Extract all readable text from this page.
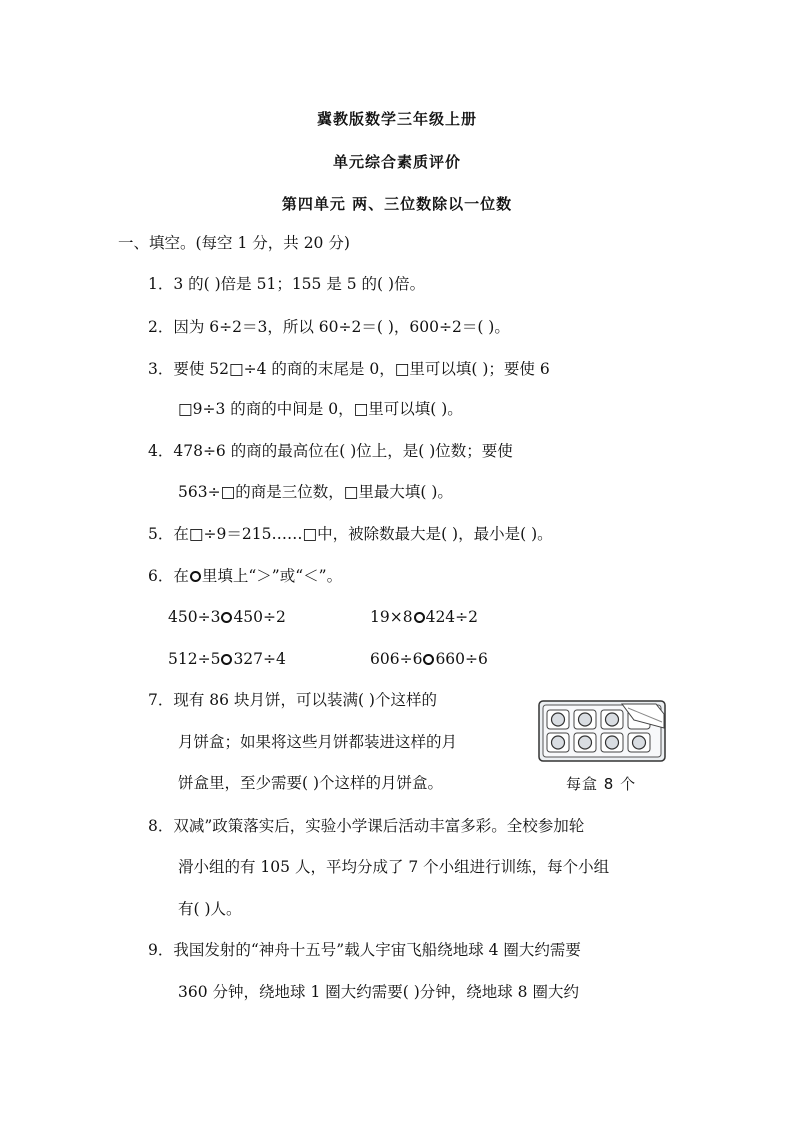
冀教版数学三年级上册
单元综合素质评价
第四单元 两、三位数除以一位数
一、填空。(每空 1 分，共 20 分)
1．3 的( )倍是 51；155 是 5 的( )倍。
2．因为 6÷2＝3，所以 60÷2＝( )，600÷2＝( )。
3．要使 52□÷4 的商的末尾是 0，□里可以填( )；要使 6
□9÷3 的商的中间是 0，□里可以填( )。
4．478÷6 的商的最高位在( )位上，是( )位数；要使
563÷□的商是三位数，□里最大填( )。
5．在□÷9＝215……□中，被除数最大是( )，最小是( )。
6．在 里填上“＞”或“＜”。
450÷3 450÷2	19×8 424÷2
512÷5 327÷4	606÷6 660÷6
7．现有 86 块月饼，可以装满( )个这样的
月饼盒；如果将这些月饼都装进这样的月
饼盒里，至少需要( )个这样的月饼盒。	每盒 8 个
8．双减”政策落实后，实验小学课后活动丰富多彩。全校参加轮
滑小组的有 105 人，平均分成了 7 个小组进行训练，每个小组
有( )人。
9．我国发射的“神舟十五号”载人宇宙飞船绕地球 4 圈大约需要
360 分钟，绕地球 1 圈大约需要( )分钟，绕地球 8 圈大约
